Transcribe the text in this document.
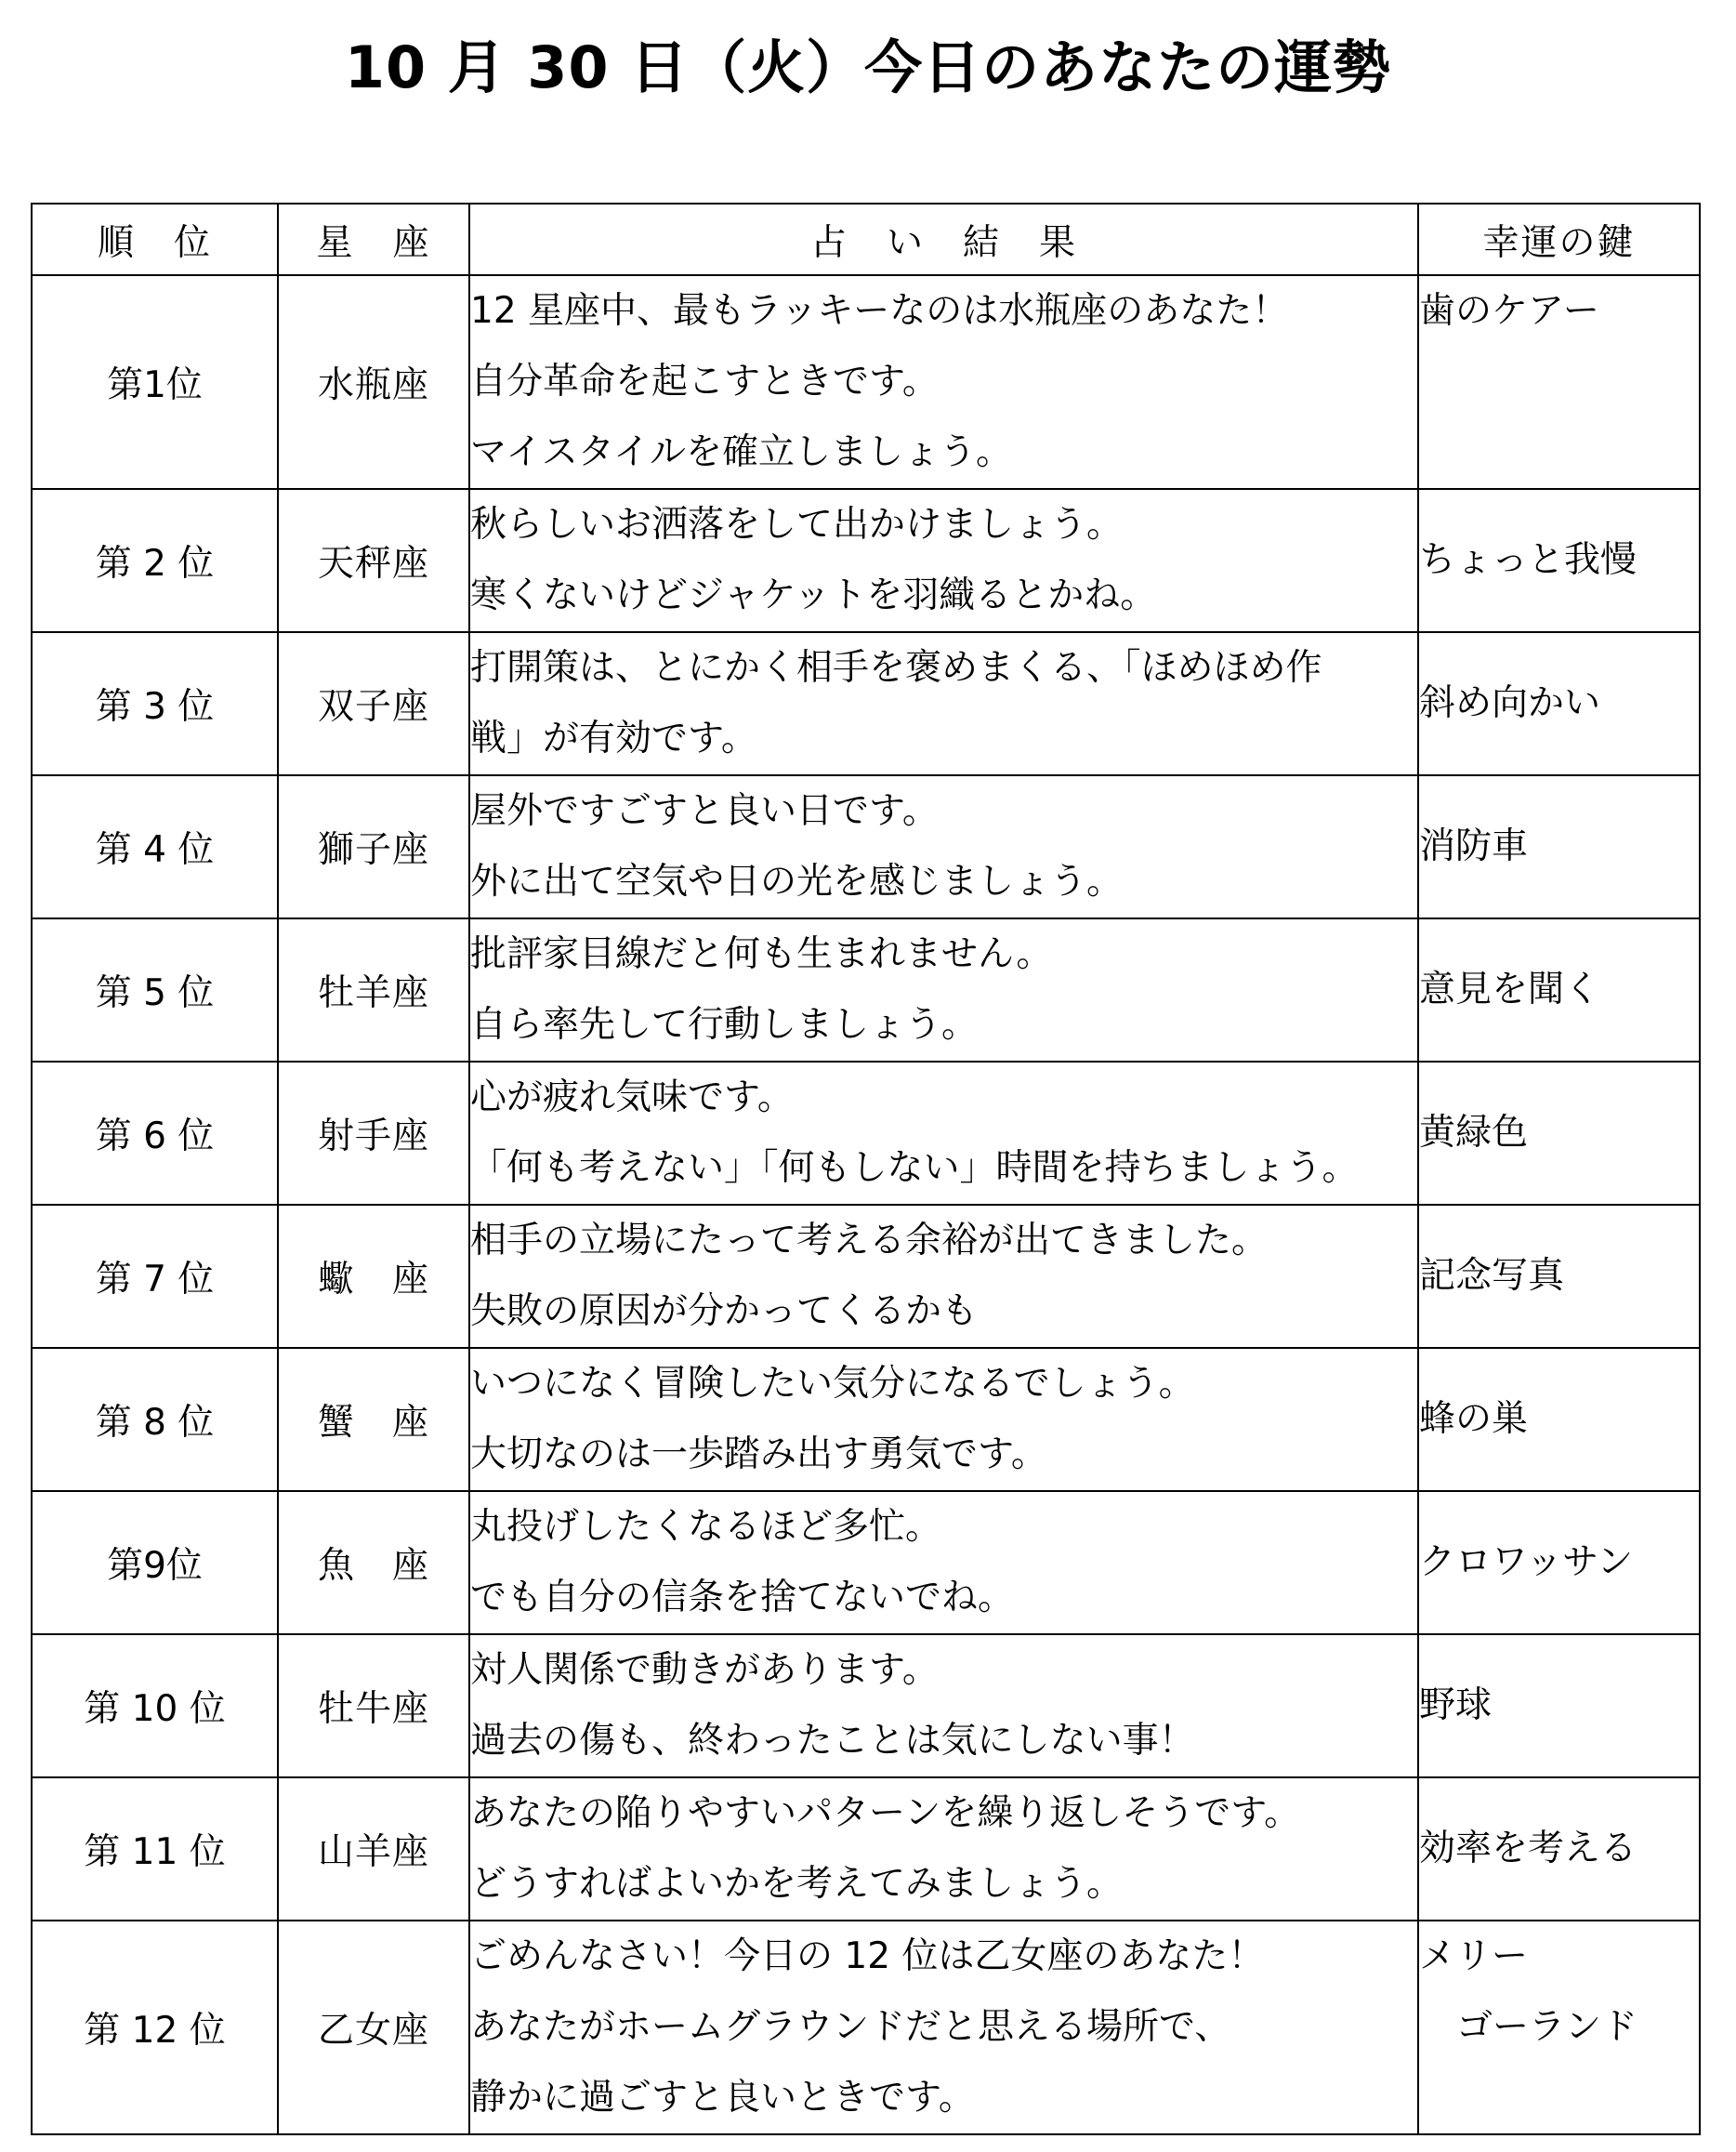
10 月 30 日（火）今日のあなたの運勢
順　位	星　座	占　い　結　果	幸運の鍵
第1位	水瓶座	12 星座中、最もラッキーなのは水瓶座のあなた！
自分革命を起こすときです。
マイスタイルを確立しましょう。	歯のケアー

第 2 位	天秤座	秋らしいお洒落をして出かけましょう。
寒くないけどジャケットを羽織るとかね。	ちょっと我慢

第 3 位	双子座	打開策は、とにかく相手を褒めまくる、「ほめほめ作
戦」が有効です。	斜め向かい

第 4 位	獅子座	屋外ですごすと良い日です。
外に出て空気や日の光を感じましょう。	消防車

第 5 位	牡羊座	批評家目線だと何も生まれません。
自ら率先して行動しましょう。	意見を聞く

第 6 位	射手座	心が疲れ気味です。
「何も考えない」「何もしない」時間を持ちましょう。	黄緑色

第 7 位	蠍　座	相手の立場にたって考える余裕が出てきました。
失敗の原因が分かってくるかも	記念写真

第 8 位	蟹　座	いつになく冒険したい気分になるでしょう。
大切なのは一歩踏み出す勇気です。	蜂の巣

第9位	魚　座	丸投げしたくなるほど多忙。
でも自分の信条を捨てないでね。	クロワッサン

第 10 位	牡牛座	対人関係で動きがあります。
過去の傷も、終わったことは気にしない事！	野球

第 11 位	山羊座	あなたの陥りやすいパターンを繰り返しそうです。
どうすればよいかを考えてみましょう。	効率を考える

第 12 位	乙女座	ごめんなさい！今日の 12 位は乙女座のあなた！
あなたがホームグラウンドだと思える場所で、
静かに過ごすと良いときです。	メリー
ゴーランド
